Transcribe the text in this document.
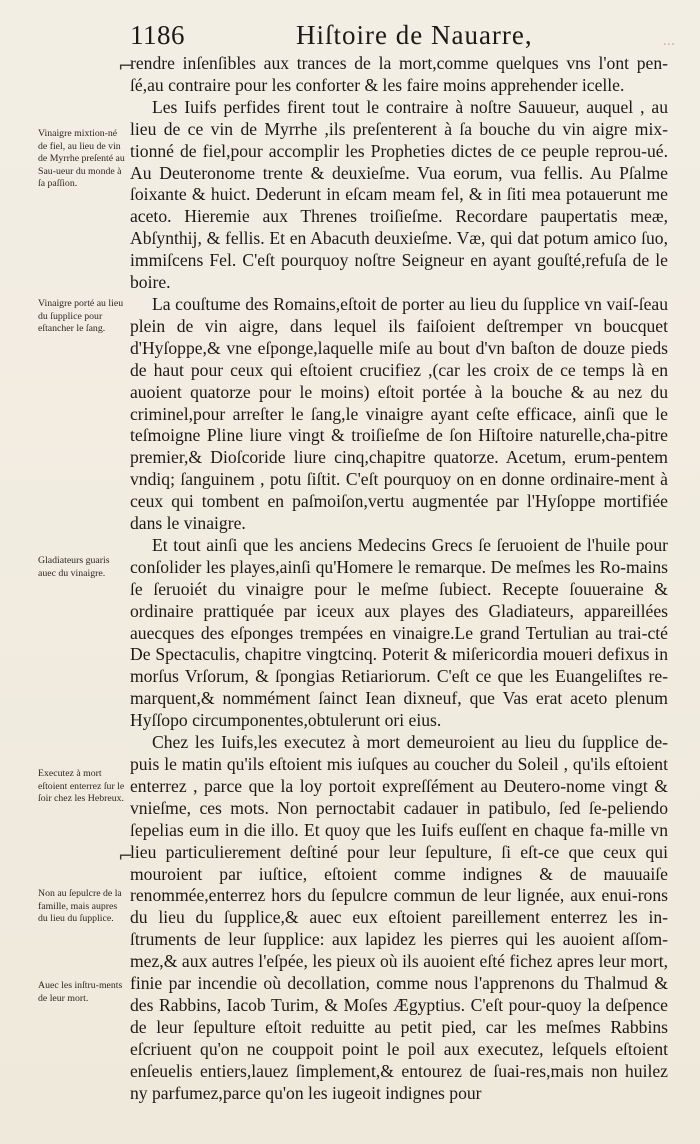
1186	Hiſtoire de Nauarre,	...
Vinaigre mixtion-né de fiel, au lieu de vin de Myrrhe preſenté au Sau-ueur du monde à ſa paſſion.
Vinaigre porté au lieu du ſupplice pour eſtancher le ſang.
Gladiateurs guaris auec du vinaigre.
Executez à mort eſtoient enterrez ſur le ſoir chez les Hebreux.
Non au ſepulcre de la famille, mais aupres du lieu du ſupplice.
Auec les inſtru-ments de leur mort.
⌐
⌐

rendre inſenſibles aux trances de la mort,comme quelques vns l'ont pen-ſé,au contraire pour les conforter & les faire moins apprehender icelle.

Les Iuifs perfides firent tout le contraire à noſtre Sauueur, auquel , au lieu de ce vin de Myrrhe ,ils preſenterent à ſa bouche du vin aigre mix-tionné de fiel,pour accomplir les Propheties dictes de ce peuple reprou-ué. Au Deuteronome trente & deuxieſme. Vua eorum, vua fellis. Au Pſalme ſoixante & huict. Dederunt in eſcam meam fel, & in ſiti mea potauerunt me aceto. Hieremie aux Threnes troiſieſme. Recordare paupertatis meæ, Abſynthij, & fellis. Et en Abacuth deuxieſme. Væ, qui dat potum amico ſuo, immiſcens Fel. C'eſt pourquoy noſtre Seigneur en ayant gouſté,refuſa de le boire.

La couſtume des Romains,eſtoit de porter au lieu du ſupplice vn vaiſ-ſeau plein de vin aigre, dans lequel ils faiſoient deſtremper vn boucquet d'Hyſoppe,& vne eſponge,laquelle miſe au bout d'vn baſton de douze pieds de haut pour ceux qui eſtoient crucifiez ,(car les croix de ce temps là en auoient quatorze pour le moins) eſtoit portée à la bouche & au nez du criminel,pour arreſter le ſang,le vinaigre ayant ceſte efficace, ainſi que le teſmoigne Pline liure vingt & troiſieſme de ſon Hiſtoire naturelle,cha-pitre premier,& Dioſcoride liure cinq,chapitre quatorze. Acetum, erum-pentem vndiq; ſanguinem , potu ſiſtit. C'eſt pourquoy on en donne ordinaire-ment à ceux qui tombent en paſmoiſon,vertu augmentée par l'Hyſoppe mortifiée dans le vinaigre.

Et tout ainſi que les anciens Medecins Grecs ſe ſeruoient de l'huile pour conſolider les playes,ainſi qu'Homere le remarque. De meſmes les Ro-mains ſe ſeruoiét du vinaigre pour le meſme ſubiect. Recepte ſouueraine & ordinaire prattiquée par iceux aux playes des Gladiateurs, appareillées auecques des eſponges trempées en vinaigre.Le grand Tertulian au trai-cté De Spectaculis, chapitre vingtcinq. Poterit & miſericordia moueri defixus in morſus Vrſorum, & ſpongias Retiariorum. C'eſt ce que les Euangeliſtes re-marquent,& nommément ſainct Iean dixneuf, que Vas erat aceto plenum Hyſſopo circumponentes,obtulerunt ori eius.

Chez les Iuifs,les executez à mort demeuroient au lieu du ſupplice de-puis le matin qu'ils eſtoient mis iuſques au coucher du Soleil , qu'ils eſtoient enterrez , parce que la loy portoit expreſſément au Deutero-nome vingt & vnieſme, ces mots. Non pernoctabit cadauer in patibulo, ſed ſe-peliendo ſepelias eum in die illo. Et quoy que les Iuifs euſſent en chaque fa-mille vn lieu particulierement deſtiné pour leur ſepulture, ſi eſt-ce que ceux qui mouroient par iuſtice, eſtoient comme indignes & de mauuaiſe renommée,enterrez hors du ſepulcre commun de leur lignée, aux enui-rons du lieu du ſupplice,& auec eux eſtoient pareillement enterrez les in-ſtruments de leur ſupplice: aux lapidez les pierres qui les auoient aſſom-mez,& aux autres l'eſpée, les pieux où ils auoient eſté fichez apres leur mort, finie par incendie où decollation, comme nous l'apprenons du Thalmud & des Rabbins, Iacob Turim, & Moſes Ægyptius. C'eſt pour-quoy la deſpence de leur ſepulture eſtoit reduitte au petit pied, car les meſmes Rabbins eſcriuent qu'on ne couppoit point le poil aux executez, leſquels eſtoient enſeuelis entiers,lauez ſimplement,& entourez de ſuai-res,mais non huilez ny parfumez,parce qu'on les iugeoit indignes pour
